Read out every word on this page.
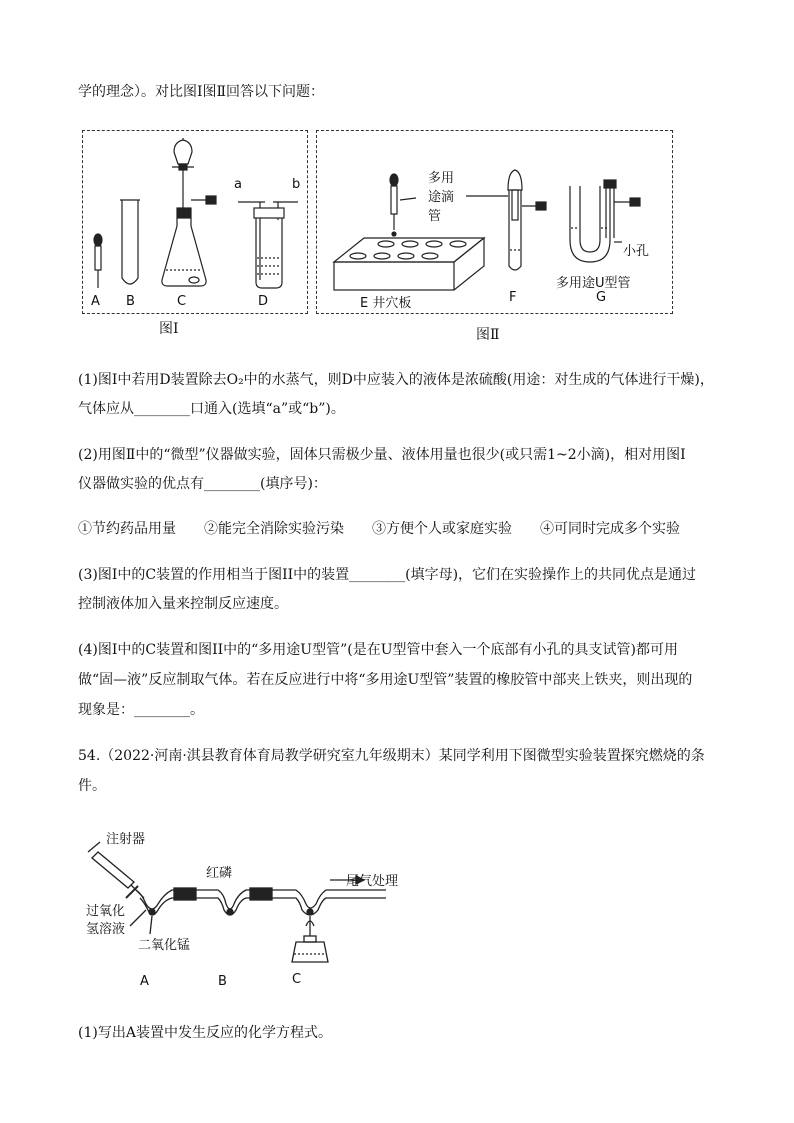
学的理念）。对比图Ⅰ图Ⅱ回答以下问题：
A B	C	D
a	b
图Ⅰ
多用
途滴
管
小孔
多用途U型管
E 井穴板	F	G
图Ⅱ
(1)图Ⅰ中若用D装置除去O₂中的水蒸气，则D中应装入的液体是浓硫酸(用途：对生成的气体进行干燥)，
气体应从________口通入(选填“a”或“b”)。
(2)用图Ⅱ中的“微型”仪器做实验，固体只需极少量、液体用量也很少(或只需1~2小滴)，相对用图Ⅰ
仪器做实验的优点有________(填序号)：
①节约药品用量　　②能完全消除实验污染　　③方便个人或家庭实验　　④可同时完成多个实验
(3)图Ⅰ中的C装置的作用相当于图II中的装置________(填字母)，它们在实验操作上的共同优点是通过
控制液体加入量来控制反应速度。
(4)图Ⅰ中的C装置和图II中的“多用途U型管”(是在U型管中套入一个底部有小孔的具支试管)都可用
做“固—液”反应制取气体。若在反应进行中将“多用途U型管”装置的橡胶管中部夹上铁夹，则出现的
现象是：________。
54.（2022·河南·淇县教育体育局教学研究室九年级期末）某同学利用下图微型实验装置探究燃烧的条
件。
注射器
红磷
尾气处理
过氧化
氢溶液
二氧化锰
A	B	C
(1)写出A装置中发生反应的化学方程式。
